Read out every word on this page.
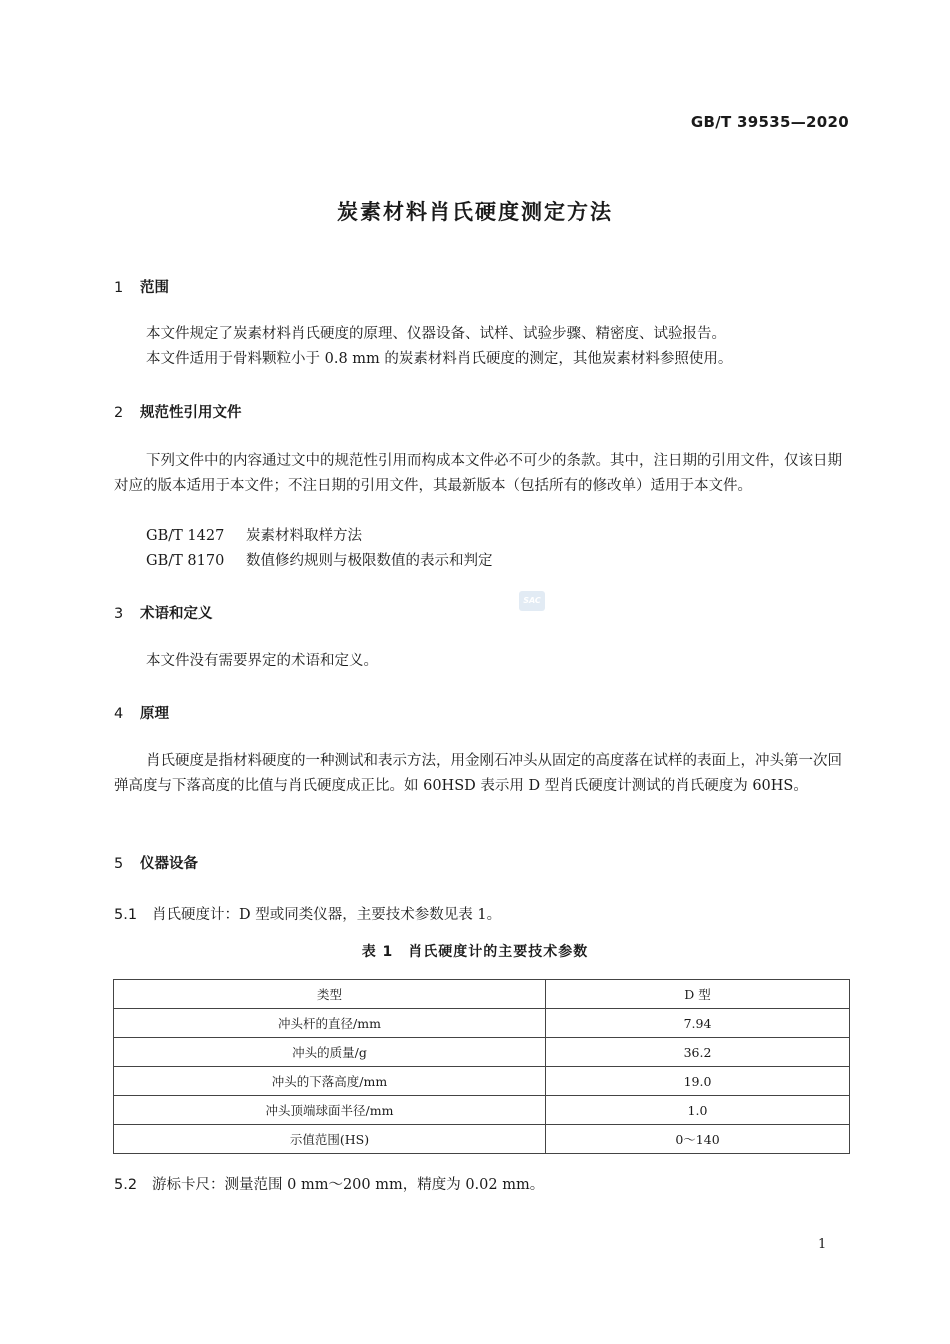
GB/T 39535—2020
炭素材料肖氏硬度测定方法
1 范围
本文件规定了炭素材料肖氏硬度的原理、仪器设备、试样、试验步骤、精密度、试验报告。
本文件适用于骨料颗粒小于 0.8 mm 的炭素材料肖氏硬度的测定，其他炭素材料参照使用。
2 规范性引用文件
下列文件中的内容通过文中的规范性引用而构成本文件必不可少的条款。其中，注日期的引用文件，仅该日期对应的版本适用于本文件；不注日期的引用文件，其最新版本（包括所有的修改单）适用于本文件。
GB/T 1427 炭素材料取样方法
GB/T 8170 数值修约规则与极限数值的表示和判定
SAC
3 术语和定义
本文件没有需要界定的术语和定义。
4 原理
肖氏硬度是指材料硬度的一种测试和表示方法，用金刚石冲头从固定的高度落在试样的表面上，冲头第一次回弹高度与下落高度的比值与肖氏硬度成正比。如 60HSD 表示用 D 型肖氏硬度计测试的肖氏硬度为 60HS。
5 仪器设备
5.1 肖氏硬度计：D 型或同类仪器，主要技术参数见表 1。
表 1　肖氏硬度计的主要技术参数
类型	D 型
冲头杆的直径/mm	7.94
冲头的质量/g	36.2
冲头的下落高度/mm	19.0
冲头顶端球面半径/mm	1.0
示值范围(HS)	0～140
5.2 游标卡尺：测量范围 0 mm～200 mm，精度为 0.02 mm。
1
